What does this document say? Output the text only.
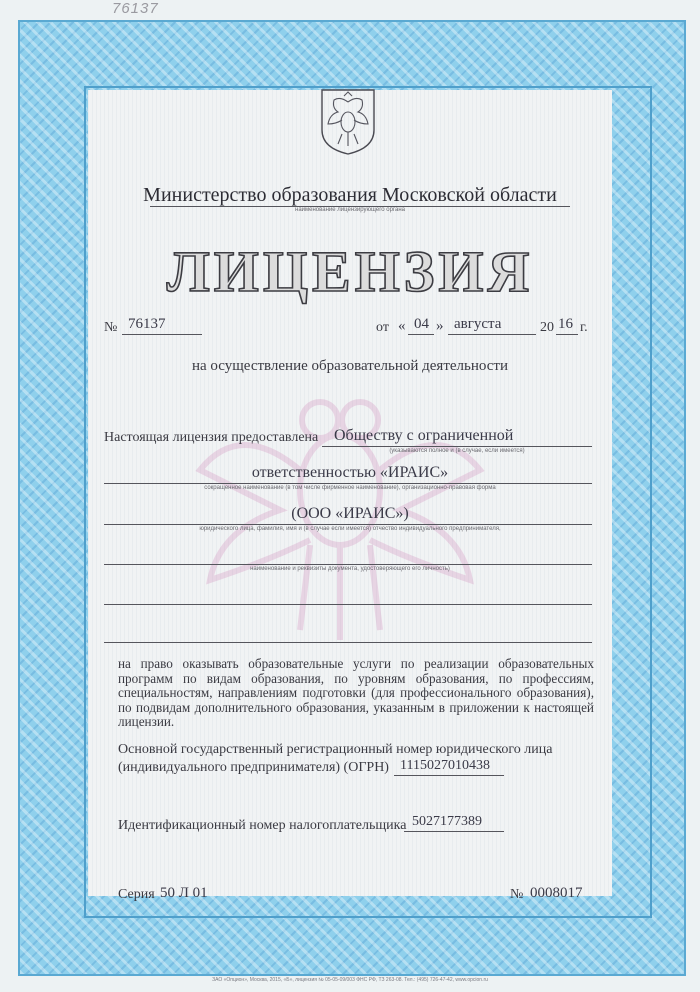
76137
Министерство образования Московской области
наименование лицензирующего органа
ЛИЦЕНЗИЯ
№ 76137	от « 04 » августа	20 16 г.
на осуществление образовательной деятельности
Настоящая лицензия предоставлена Обществу с ограниченной
(указываются полное и (в случае, если имеется)
ответственностью «ИРАИС»
сокращенное наименование (в том числе фирменное наименование), организационно-правовая форма
(ООО «ИРАИС»)
юридического лица, фамилия, имя и (в случае если имеется) отчество индивидуального предпринимателя,
наименование и реквизиты документа, удостоверяющего его личность)
на право оказывать образовательные услуги по реализации образовательных программ по видам образования, по уровням образования, по профессиям, специальностям, направлениям подготовки (для профессионального образования), по подвидам дополнительного образования, указанным в приложении к настоящей лицензии.
Основной государственный регистрационный номер юридического лица
(индивидуального предпринимателя) (ОГРН) 1115027010438
Идентификационный номер налогоплательщика 5027177389
Серия 50 Л 01	№ 0008017
ЗАО «Опцион», Москва, 2015, «Б», лицензия № 05-05-09/003 ФНС РФ, ТЗ 263-08. Тел.: (495) 726-47-42, www.opcion.ru
